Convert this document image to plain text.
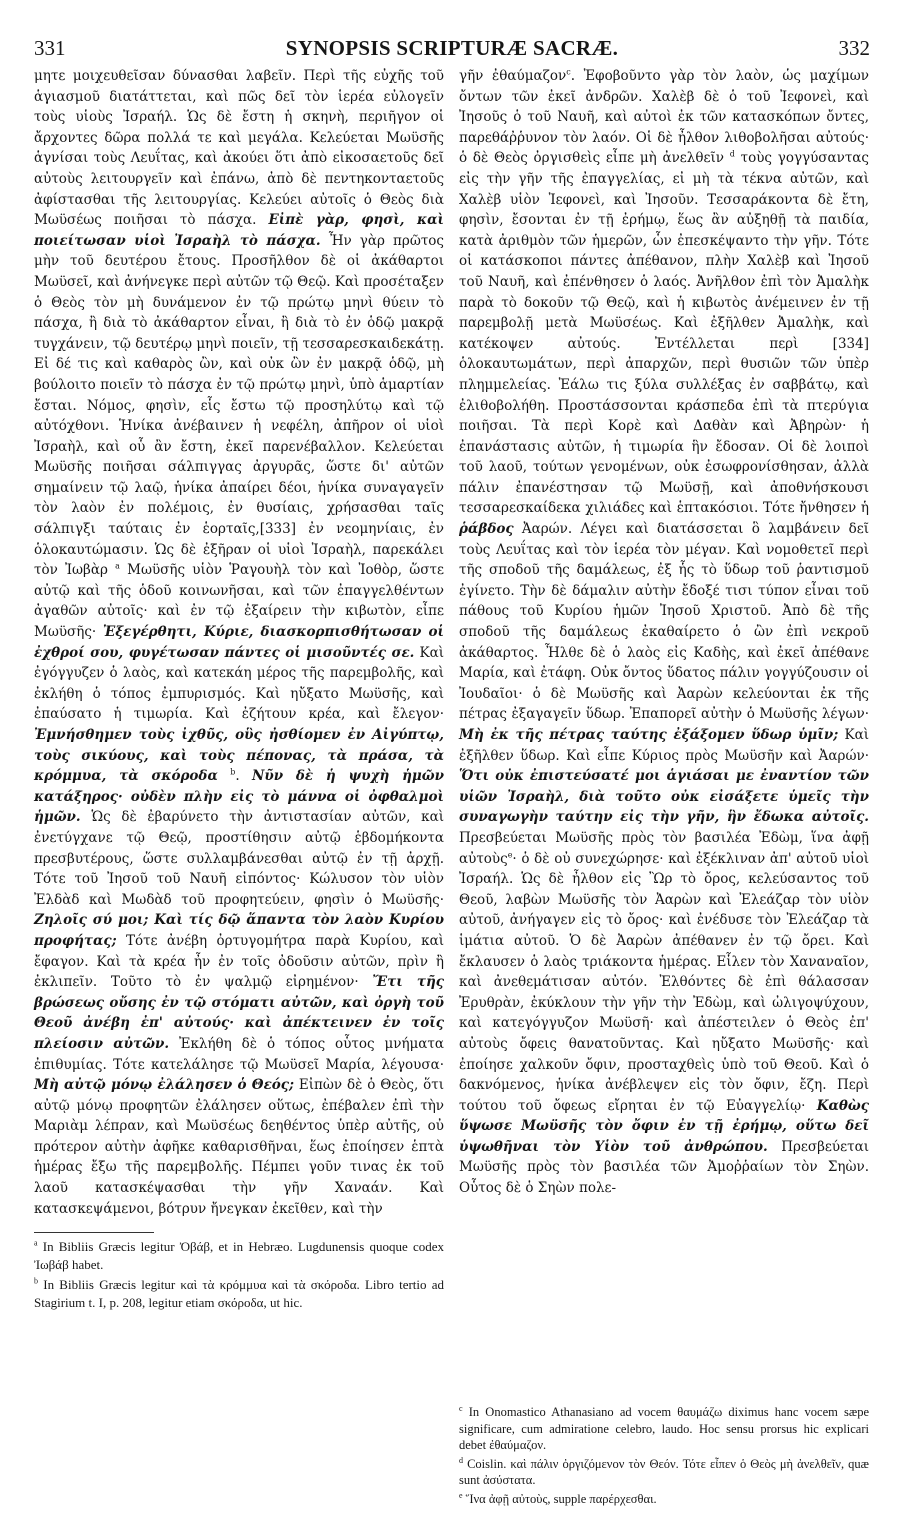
331	SYNOPSIS SCRIPTURÆ SACRÆ.	332

μητε μοιχευθεῖσαν δύνασθαι λαβεῖν. Περὶ τῆς εὐχῆς τοῦ ἁγιασμοῦ διατάττεται, καὶ πῶς δεῖ τὸν ἱερέα εὐλογεῖν τοὺς υἱοὺς Ἰσραήλ. Ὡς δὲ ἔστη ἡ σκηνὴ, περιῆγον οἱ ἄρχοντες δῶρα πολλά τε καὶ μεγάλα. Κελεύεται Μωϋσῆς ἁγνίσαι τοὺς Λευΐτας, καὶ ἀκούει ὅτι ἀπὸ εἰκοσαετοῦς δεῖ αὐτοὺς λειτουργεῖν καὶ ἐπάνω, ἀπὸ δὲ πεντηκονταετοῦς ἀφίστασθαι τῆς λειτουργίας. Κελεύει αὐτοῖς ὁ Θεὸς διὰ Μωϋσέως ποιῆσαι τὸ πάσχα. Εἰπὲ γὰρ, φησὶ, καὶ ποιείτωσαν υἱοὶ Ἰσραὴλ τὸ πάσχα. Ἦν γὰρ πρῶτος μὴν τοῦ δευτέρου ἔτους. Προσῆλθον δὲ οἱ ἀκάθαρτοι Μωϋσεῖ, καὶ ἀνήνεγκε περὶ αὐτῶν τῷ Θεῷ. Καὶ προσέταξεν ὁ Θεὸς τὸν μὴ δυνάμενον ἐν τῷ πρώτῳ μηνὶ θύειν τὸ πάσχα, ἢ διὰ τὸ ἀκάθαρτον εἶναι, ἢ διὰ τὸ ἐν ὁδῷ μακρᾷ τυγχάνειν, τῷ δευτέρῳ μηνὶ ποιεῖν, τῇ τεσσαρεσκαιδεκάτῃ. Εἰ δέ τις καὶ καθαρὸς ὢν, καὶ οὐκ ὢν ἐν μακρᾷ ὁδῷ, μὴ βούλοιτο ποιεῖν τὸ πάσχα ἐν τῷ πρώτῳ μηνὶ, ὑπὸ ἁμαρτίαν ἔσται. Νόμος, φησὶν, εἷς ἔστω τῷ προσηλύτῳ καὶ τῷ αὐτόχθονι. Ἡνίκα ἀνέβαινεν ἡ νεφέλη, ἀπῆρον οἱ υἱοὶ Ἰσραὴλ, καὶ οὗ ἂν ἔστη, ἐκεῖ παρενέβαλλον. Κελεύεται Μωϋσῆς ποιῆσαι σάλπιγγας ἀργυρᾶς, ὥστε δι' αὐτῶν σημαίνειν τῷ λαῷ, ἡνίκα ἀπαίρει δέοι, ἡνίκα συναγαγεῖν τὸν λαὸν ἐν πολέμοις, ἐν θυσίαις, χρήσασθαι ταῖς σάλπιγξι ταύταις ἐν ἑορταῖς,[333] ἐν νεομηνίαις, ἐν ὁλοκαυτώμασιν. Ὡς δὲ ἐξῆραν οἱ υἱοὶ Ἰσραὴλ, παρεκάλει τὸν Ἰωβὰρ $^a$ Μωϋσῆς υἱὸν Ῥαγουὴλ τὸν καὶ Ἰοθὸρ, ὥστε αὐτῷ καὶ τῆς ὁδοῦ κοινωνῆσαι, καὶ τῶν ἐπαγγελθέντων ἀγαθῶν αὐτοῖς· καὶ ἐν τῷ ἐξαίρειν τὴν κιβωτὸν, εἶπε Μωϋσῆς· Ἐξεγέρθητι, Κύριε, διασκορπισθήτωσαν οἱ ἐχθροί σου, φυγέτωσαν πάντες οἱ μισοῦντές σε. Καὶ ἐγόγγυζεν ὁ λαὸς, καὶ κατεκάη μέρος τῆς παρεμβολῆς, καὶ ἐκλήθη ὁ τόπος ἐμπυρισμός. Καὶ ηὔξατο Μωϋσῆς, καὶ ἐπαύσατο ἡ τιμωρία. Καὶ ἐζήτουν κρέα, καὶ ἔλεγον· Ἐμνήσθημεν τοὺς ἰχθῦς, οὓς ἠσθίομεν ἐν Αἰγύπτῳ, τοὺς σικύους, καὶ τοὺς πέπονας, τὰ πράσα, τὰ κρόμμυα, τὰ σκόροδα $^b$. Νῦν δὲ ἡ ψυχὴ ἡμῶν κατάξηρος· οὐδὲν πλὴν εἰς τὸ μάννα οἱ ὀφθαλμοὶ ἡμῶν. Ὡς δὲ ἐβαρύνετο τὴν ἀντιστασίαν αὐτῶν, καὶ ἐνετύγχανε τῷ Θεῷ, προστίθησιν αὐτῷ ἑβδομήκοντα πρεσβυτέρους, ὥστε συλλαμβάνεσθαι αὐτῷ ἐν τῇ ἀρχῇ. Τότε τοῦ Ἰησοῦ τοῦ Ναυῆ εἰπόντος· Κώλυσον τὸν υἱὸν Ἐλδὰδ καὶ Μωδὰδ τοῦ προφητεύειν, φησὶν ὁ Μωϋσῆς· Ζηλοῖς σύ μοι; Καὶ τίς δῷ ἅπαντα τὸν λαὸν Κυρίου προφήτας; Τότε ἀνέβη ὀρτυγομήτρα παρὰ Κυρίου, καὶ ἔφαγον. Καὶ τὰ κρέα ἦν ἐν τοῖς ὀδοῦσιν αὐτῶν, πρὶν ἢ ἐκλιπεῖν. Τοῦτο τὸ ἐν ψαλμῷ εἰρημένον· Ἔτι τῆς βρώσεως οὔσης ἐν τῷ στόματι αὐτῶν, καὶ ὀργὴ τοῦ Θεοῦ ἀνέβη ἐπ' αὐτούς· καὶ ἀπέκτεινεν ἐν τοῖς πλείοσιν αὐτῶν. Ἐκλήθη δὲ ὁ τόπος οὗτος μνήματα ἐπιθυμίας. Τότε κατελάλησε τῷ Μωϋσεῖ Μαρία, λέγουσα· Μὴ αὐτῷ μόνῳ ἐλάλησεν ὁ Θεός; Εἰπὼν δὲ ὁ Θεὸς, ὅτι αὐτῷ μόνῳ προφητῶν ἐλάλησεν οὕτως, ἐπέβαλεν ἐπὶ τὴν Μαριὰμ λέπραν, καὶ Μωϋσέως δεηθέντος ὑπὲρ αὐτῆς, οὐ πρότερον αὐτὴν ἀφῆκε καθαρισθῆναι, ἕως ἐποίησεν ἑπτὰ ἡμέρας ἔξω τῆς παρεμβολῆς. Πέμπει γοῦν τινας ἐκ τοῦ λαοῦ κατασκέψασθαι τὴν γῆν Χαναάν. Καὶ κατασκεψάμενοι, βότρυν ἤνεγκαν ἐκεῖθεν, καὶ τὴν

γῆν ἐθαύμαζον$^c$. Ἐφοβοῦντο γὰρ τὸν λαὸν, ὡς μαχίμων ὄντων τῶν ἐκεῖ ἀνδρῶν. Χαλὲβ δὲ ὁ τοῦ Ἰεφονεὶ, καὶ Ἰησοῦς ὁ τοῦ Ναυῆ, καὶ αὐτοὶ ἐκ τῶν κατασκόπων ὄντες, παρεθάῤῥυνον τὸν λαόν. Οἱ δὲ ἦλθον λιθοβολῆσαι αὐτούς· ὁ δὲ Θεὸς ὀργισθεὶς εἶπε μὴ ἀνελθεῖν $^d$ τοὺς γογγύσαντας εἰς τὴν γῆν τῆς ἐπαγγελίας, εἰ μὴ τὰ τέκνα αὐτῶν, καὶ Χαλὲβ υἱὸν Ἰεφονεὶ, καὶ Ἰησοῦν. Τεσσαράκοντα δὲ ἔτη, φησὶν, ἔσονται ἐν τῇ ἐρήμῳ, ἕως ἂν αὐξηθῇ τὰ παιδία, κατὰ ἀριθμὸν τῶν ἡμερῶν, ὧν ἐπεσκέψαντο τὴν γῆν. Τότε οἱ κατάσκοποι πάντες ἀπέθανον, πλὴν Χαλὲβ καὶ Ἰησοῦ τοῦ Ναυῆ, καὶ ἐπένθησεν ὁ λαός. Ἀνῆλθον ἐπὶ τὸν Ἀμαλὴκ παρὰ τὸ δοκοῦν τῷ Θεῷ, καὶ ἡ κιβωτὸς ἀνέμεινεν ἐν τῇ παρεμβολῇ μετὰ Μωϋσέως. Καὶ ἐξῆλθεν Ἀμαλὴκ, καὶ κατέκοψεν αὐτούς. Ἐντέλλεται περὶ [334] ὁλοκαυτωμάτων, περὶ ἀπαρχῶν, περὶ θυσιῶν τῶν ὑπὲρ πλημμελείας. Ἐάλω τις ξύλα συλλέξας ἐν σαββάτῳ, καὶ ἐλιθοβολήθη. Προστάσσονται κράσπεδα ἐπὶ τὰ πτερύγια ποιῆσαι. Τὰ περὶ Κορὲ καὶ Δαθὰν καὶ Ἀβηρὼν· ἡ ἐπανάστασις αὐτῶν, ἡ τιμωρία ἣν ἔδοσαν. Οἱ δὲ λοιποὶ τοῦ λαοῦ, τούτων γενομένων, οὐκ ἐσωφρονίσθησαν, ἀλλὰ πάλιν ἐπανέστησαν τῷ Μωϋσῇ, καὶ ἀποθνήσκουσι τεσσαρεσκαίδεκα χιλιάδες καὶ ἑπτακόσιοι. Τότε ἤνθησεν ἡ ῥάβδος Ἀαρών. Λέγει καὶ διατάσσεται ὃ λαμβάνειν δεῖ τοὺς Λευΐτας καὶ τὸν ἱερέα τὸν μέγαν. Καὶ νομοθετεῖ περὶ τῆς σποδοῦ τῆς δαμάλεως, ἐξ ἧς τὸ ὕδωρ τοῦ ῥαντισμοῦ ἐγίνετο. Τὴν δὲ δάμαλιν αὐτὴν ἔδοξέ τισι τύπον εἶναι τοῦ πάθους τοῦ Κυρίου ἡμῶν Ἰησοῦ Χριστοῦ. Ἀπὸ δὲ τῆς σποδοῦ τῆς δαμάλεως ἐκαθαίρετο ὁ ὢν ἐπὶ νεκροῦ ἀκάθαρτος. Ἦλθε δὲ ὁ λαὸς εἰς Καδὴς, καὶ ἐκεῖ ἀπέθανε Μαρία, καὶ ἐτάφη. Οὐκ ὄντος ὕδατος πάλιν γογγύζουσιν οἱ Ἰουδαῖοι· ὁ δὲ Μωϋσῆς καὶ Ἀαρὼν κελεύονται ἐκ τῆς πέτρας ἐξαγαγεῖν ὕδωρ. Ἐπαπορεῖ αὐτὴν ὁ Μωϋσῆς λέγων· Μὴ ἐκ τῆς πέτρας ταύτης ἐξάξομεν ὕδωρ ὑμῖν; Καὶ ἐξῆλθεν ὕδωρ. Καὶ εἶπε Κύριος πρὸς Μωϋσῆν καὶ Ἀαρών· Ὅτι οὐκ ἐπιστεύσατέ μοι ἁγιάσαι με ἐναντίον τῶν υἱῶν Ἰσραὴλ, διὰ τοῦτο οὐκ εἰσάξετε ὑμεῖς τὴν συναγωγὴν ταύτην εἰς τὴν γῆν, ἣν ἔδωκα αὐτοῖς. Πρεσβεύεται Μωϋσῆς πρὸς τὸν βασιλέα Ἐδὼμ, ἵνα ἀφῇ αὐτοὺς$^e$· ὁ δὲ οὐ συνεχώρησε· καὶ ἐξέκλιναν ἀπ' αὐτοῦ υἱοὶ Ἰσραήλ. Ὡς δὲ ἦλθον εἰς Ὢρ τὸ ὄρος, κελεύσαντος τοῦ Θεοῦ, λαβὼν Μωϋσῆς τὸν Ἀαρὼν καὶ Ἐλεάζαρ τὸν υἱὸν αὐτοῦ, ἀνήγαγεν εἰς τὸ ὄρος· καὶ ἐνέδυσε τὸν Ἐλεάζαρ τὰ ἱμάτια αὐτοῦ. Ὁ δὲ Ἀαρὼν ἀπέθανεν ἐν τῷ ὄρει. Καὶ ἔκλαυσεν ὁ λαὸς τριάκοντα ἡμέρας. Εἷλεν τὸν Χαναναῖον, καὶ ἀνεθεμάτισαν αὐτόν. Ἐλθόντες δὲ ἐπὶ θάλασσαν Ἐρυθρὰν, ἐκύκλουν τὴν γῆν τὴν Ἐδὼμ, καὶ ὠλιγοψύχουν, καὶ κατεγόγγυζον Μωϋσῆ· καὶ ἀπέστειλεν ὁ Θεὸς ἐπ' αὐτοὺς ὄφεις θανατοῦντας. Καὶ ηὔξατο Μωϋσῆς· καὶ ἐποίησε χαλκοῦν ὄφιν, προσταχθεὶς ὑπὸ τοῦ Θεοῦ. Καὶ ὁ δακνόμενος, ἡνίκα ἀνέβλεψεν εἰς τὸν ὄφιν, ἔζη. Περὶ τούτου τοῦ ὄφεως εἴρηται ἐν τῷ Εὐαγγελίῳ· Καθὼς ὕψωσε Μωϋσῆς τὸν ὄφιν ἐν τῇ ἐρήμῳ, οὕτω δεῖ ὑψωθῆναι τὸν Υἱὸν τοῦ ἀνθρώπου. Πρεσβεύεται Μωϋσῆς πρὸς τὸν βασιλέα τῶν Ἀμοῤῥαίων τὸν Σηὼν. Οὗτος δὲ ὁ Σηὼν πολε-

$^a$ In Bibliis Græcis legitur Ὀβάβ, et in Hebræo. Lugdunensis quoque codex Ἰωβάβ habet.

$^b$ In Bibliis Græcis legitur καὶ τὰ κρόμμυα καὶ τὰ σκόροδα. Libro tertio ad Stagirium t. I, p. 208, legitur etiam σκόροδα, ut hic.

$^c$ In Onomastico Athanasiano ad vocem θαυμάζω diximus hanc vocem sæpe significare, cum admiratione celebro, laudo. Hoc sensu prorsus hic explicari debet ἐθαύμαζον.

$^d$ Coislin. καὶ πάλιν ὀργιζόμενον τὸν Θεόν. Τότε εἶπεν ὁ Θεὸς μὴ ἀνελθεῖν, quæ sunt ἀσύστατα.

$^e$ Ἵνα ἀφῇ αὐτοὺς, supple παρέρχεσθαι.
